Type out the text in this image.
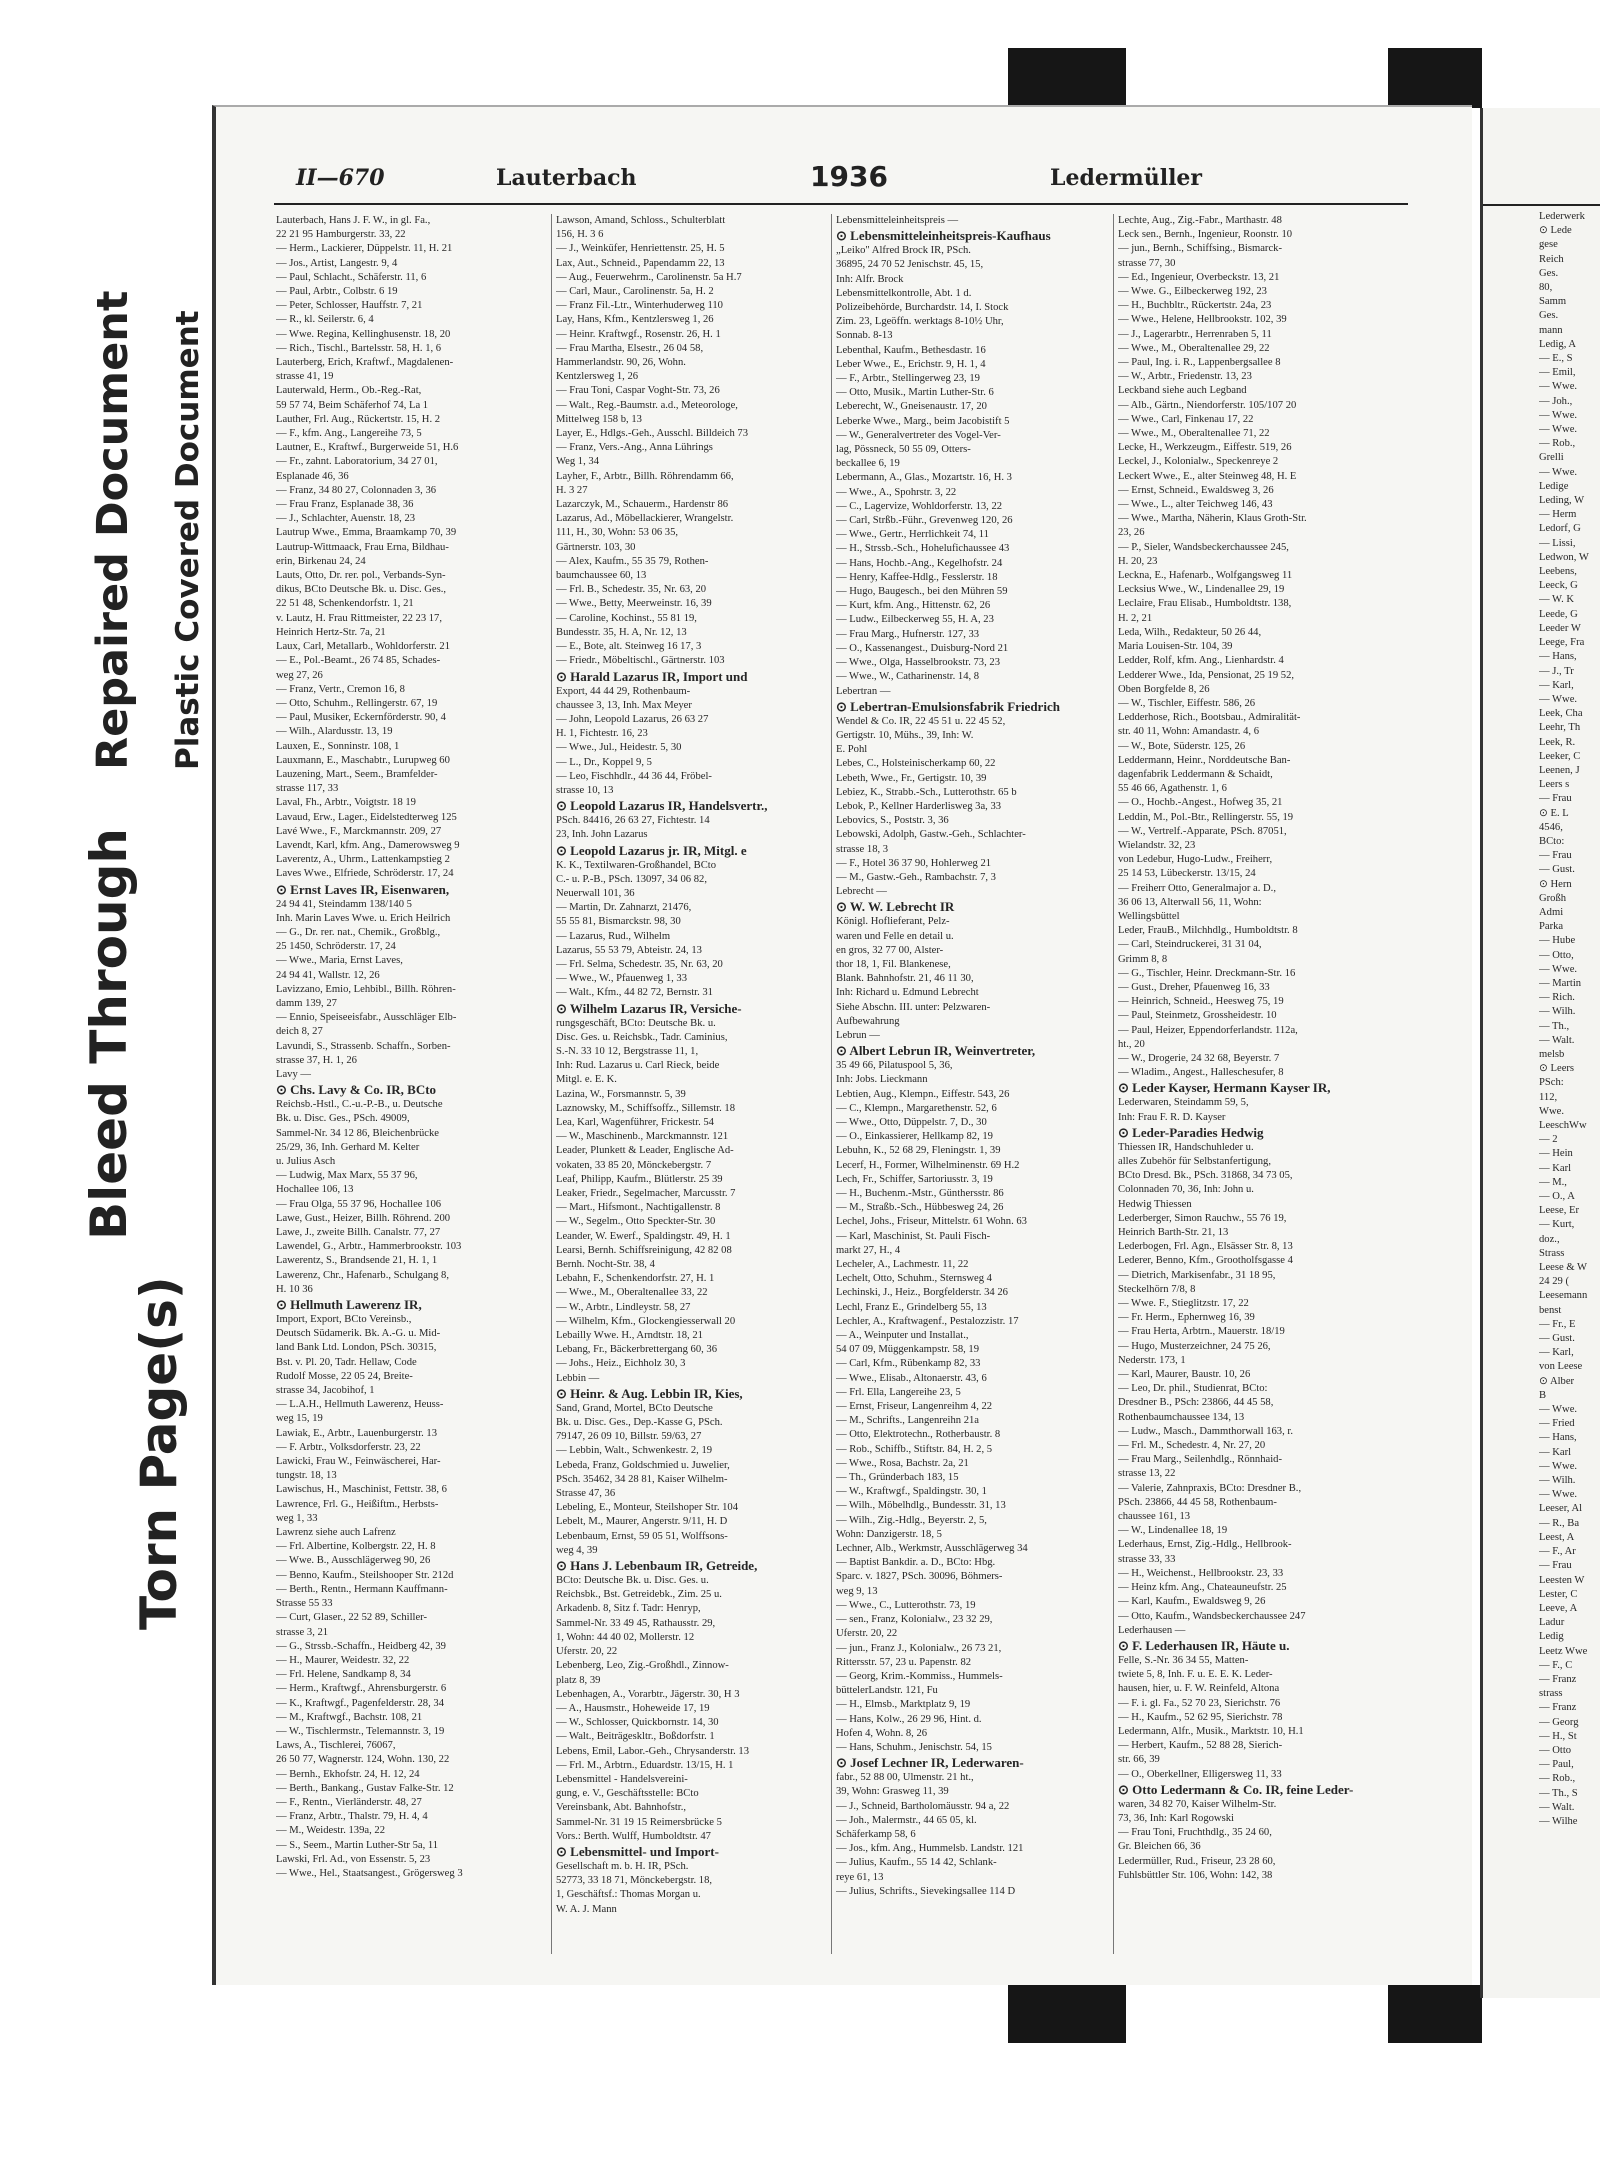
Repaired Document Plastic Covered Document
Bleed Through
Torn Page(s)
II—670	Lauterbach	1936	Ledermüller
Lauterbach, Hans J. F. W., in gl. Fa.,
22 21 95 Hamburgerstr. 33, 22
— Herm., Lackierer, Düppelstr. 11, H. 21
— Jos., Artist, Langestr. 9, 4
— Paul, Schlacht., Schäferstr. 11, 6
— Paul, Arbtr., Colbstr. 6 19
— Peter, Schlosser, Hauffstr. 7, 21
— R., kl. Seilerstr. 6, 4
— Wwe. Regina, Kellinghusenstr. 18, 20
— Rich., Tischl., Bartelsstr. 58, H. 1, 6
Lauterberg, Erich, Kraftwf., Magdalenen-
strasse 41, 19
Lauterwald, Herm., Ob.-Reg.-Rat,
59 57 74, Beim Schäferhof 74, La 1
Lauther, Frl. Aug., Rückertstr. 15, H. 2
— F., kfm. Ang., Langereihe 73, 5
Lautner, E., Kraftwf., Burgerweide 51, H.6
— Fr., zahnt. Laboratorium, 34 27 01,
Esplanade 46, 36
— Franz, 34 80 27, Colonnaden 3, 36
— Frau Franz, Esplanade 38, 36
— J., Schlachter, Auenstr. 18, 23
Lautrup Wwe., Emma, Braamkamp 70, 39
Lautrup-Wittmaack, Frau Erna, Bildhau-
erin, Birkenau 24, 24
Lauts, Otto, Dr. rer. pol., Verbands-Syn-
dikus, BCto Deutsche Bk. u. Disc. Ges.,
22 51 48, Schenkendorfstr. 1, 21
v. Lautz, H. Frau Rittmeister, 22 23 17,
Heinrich Hertz-Str. 7a, 21
Laux, Carl, Metallarb., Wohldorferstr. 21
— E., Pol.-Beamt., 26 74 85, Schades-
weg 27, 26
— Franz, Vertr., Cremon 16, 8
— Otto, Schuhm., Rellingerstr. 67, 19
— Paul, Musiker, Eckernförderstr. 90, 4
— Wilh., Alardusstr. 13, 19
Lauxen, E., Sonninstr. 108, 1
Lauxmann, E., Maschabtr., Lurupweg 60
Lauzening, Mart., Seem., Bramfelder-
strasse 117, 33
Laval, Fh., Arbtr., Voigtstr. 18 19
Lavaud, Erw., Lager., Eidelstedterweg 125
Lavé Wwe., F., Marckmannstr. 209, 27
Lavendt, Karl, kfm. Ang., Damerowsweg 9
Laverentz, A., Uhrm., Lattenkampstieg 2
Laves Wwe., Elfriede, Schröderstr. 17, 24
⊙ Ernst Laves IR, Eisenwaren,
24 94 41, Steindamm 138/140 5
Inh. Marin Laves Wwe. u. Erich Heilrich
— G., Dr. rer. nat., Chemik., Großblg.,
25 1450, Schröderstr. 17, 24
— Wwe., Maria, Ernst Laves,
24 94 41, Wallstr. 12, 26
Lavizzano, Emio, Lehbibl., Billh. Röhren-
damm 139, 27
— Ennio, Speiseeisfabr., Ausschläger Elb-
deich 8, 27
Lavundi, S., Strassenb. Schaffn., Sorben-
strasse 37, H. 1, 26
Lavy —
⊙ Chs. Lavy & Co. IR, BCto
Reichsb.-Hstl., C.-u.-P.-B., u. Deutsche
Bk. u. Disc. Ges., PSch. 49009,
Sammel-Nr. 34 12 86, Bleichenbrücke
25/29, 36, Inh. Gerhard M. Kelter
u. Julius Asch
— Ludwig, Max Marx, 55 37 96,
Hochallee 106, 13
— Frau Olga, 55 37 96, Hochallee 106
Lawe, Gust., Heizer, Billh. Röhrend. 200
Lawe, J., zweite Billh. Canalstr. 77, 27
Lawendel, G., Arbtr., Hammerbrookstr. 103
Lawerentz, S., Brandsende 21, H. 1, 1
Lawerenz, Chr., Hafenarb., Schulgang 8,
H. 10 36
⊙ Hellmuth Lawerenz IR,
Import, Export, BCto Vereinsb.,
Deutsch Südamerik. Bk. A.-G. u. Mid-
land Bank Ltd. London, PSch. 30315,
Bst. v. Pl. 20, Tadr. Hellaw, Code
Rudolf Mosse, 22 05 24, Breite-
strasse 34, Jacobihof, 1
— L.A.H., Hellmuth Lawerenz, Heuss-
weg 15, 19
Lawiak, E., Arbtr., Lauenburgerstr. 13
— F. Arbtr., Volksdorferstr. 23, 22
Lawicki, Frau W., Feinwäscherei, Har-
tungstr. 18, 13
Lawischus, H., Maschinist, Fettstr. 38, 6
Lawrence, Frl. G., Heißiftm., Herbsts-
weg 1, 33
Lawrenz siehe auch Lafrenz
— Frl. Albertine, Kolbergstr. 22, H. 8
— Wwe. B., Ausschlägerweg 90, 26
— Benno, Kaufm., Steilshooper Str. 212d
— Berth., Rentn., Hermann Kauffmann-
Strasse 55 33
— Curt, Glaser., 22 52 89, Schiller-
strasse 3, 21
— G., Strssb.-Schaffn., Heidberg 42, 39
— H., Maurer, Weidestr. 32, 22
— Frl. Helene, Sandkamp 8, 34
— Herm., Kraftwgf., Ahrensburgerstr. 6
— K., Kraftwgf., Pagenfelderstr. 28, 34
— M., Kraftwgf., Bachstr. 108, 21
— W., Tischlermstr., Telemannstr. 3, 19
Laws, A., Tischlerei, 76067,
26 50 77, Wagnerstr. 124, Wohn. 130, 22
— Bernh., Ekhofstr. 24, H. 12, 24
— Berth., Bankang., Gustav Falke-Str. 12
— F., Rentn., Vierländerstr. 48, 27
— Franz, Arbtr., Thalstr. 79, H. 4, 4
— M., Weidestr. 139a, 22
— S., Seem., Martin Luther-Str 5a, 11
Lawski, Frl. Ad., von Essenstr. 5, 23
— Wwe., Hel., Staatsangest., Grögersweg 3
Lawson, Amand, Schloss., Schulterblatt
156, H. 3 6
— J., Weinküfer, Henriettenstr. 25, H. 5
Lax, Aut., Schneid., Papendamm 22, 13
— Aug., Feuerwehrm., Carolinenstr. 5a H.7
— Carl, Maur., Carolinenstr. 5a, H. 2
— Franz Fil.-Ltr., Winterhuderweg 110
Lay, Hans, Kfm., Kentzlersweg 1, 26
— Heinr. Kraftwgf., Rosenstr. 26, H. 1
— Frau Martha, Elsestr., 26 04 58,
Hammerlandstr. 90, 26, Wohn.
Kentzlersweg 1, 26
— Frau Toni, Caspar Voght-Str. 73, 26
— Walt., Reg.-Baumstr. a.d., Meteorologe,
Mittelweg 158 b, 13
Layer, E., Hdlgs.-Geh., Ausschl. Billdeich 73
— Franz, Vers.-Ang., Anna Lührings
Weg 1, 34
Layher, F., Arbtr., Billh. Röhrendamm 66,
H. 3 27
Lazarczyk, M., Schauerm., Hardenstr 86
Lazarus, Ad., Möbellackierer, Wrangelstr.
111, H., 30, Wohn: 53 06 35,
Gärtnerstr. 103, 30
— Alex, Kaufm., 55 35 79, Rothen-
baumchaussee 60, 13
— Frl. B., Schedestr. 35, Nr. 63, 20
— Wwe., Betty, Meerweinstr. 16, 39
— Caroline, Kochinst., 55 81 19,
Bundesstr. 35, H. A, Nr. 12, 13
— E., Bote, alt. Steinweg 16 17, 3
— Friedr., Möbeltischl., Gärtnerstr. 103
⊙ Harald Lazarus IR, Import und
Export, 44 44 29, Rothenbaum-
chaussee 3, 13, Inh. Max Meyer
— John, Leopold Lazarus, 26 63 27
H. 1, Fichtestr. 16, 23
— Wwe., Jul., Heidestr. 5, 30
— L., Dr., Koppel 9, 5
— Leo, Fischhdlr., 44 36 44, Fröbel-
strasse 10, 13
⊙ Leopold Lazarus IR, Handelsvertr.,
PSch. 84416, 26 63 27, Fichtestr. 14
23, Inh. John Lazarus
⊙ Leopold Lazarus jr. IR, Mitgl. e
K. K., Textilwaren-Großhandel, BCto
C.- u. P.-B., PSch. 13097, 34 06 82,
Neuerwall 101, 36
— Martin, Dr. Zahnarzt, 21476,
55 55 81, Bismarckstr. 98, 30
— Lazarus, Rud., Wilhelm
Lazarus, 55 53 79, Abteistr. 24, 13
— Frl. Selma, Schedestr. 35, Nr. 63, 20
— Wwe., W., Pfauenweg 1, 33
— Walt., Kfm., 44 82 72, Bernstr. 31
⊙ Wilhelm Lazarus IR, Versiche-
rungsgeschäft, BCto: Deutsche Bk. u.
Disc. Ges. u. Reichsbk., Tadr. Caminius,
S.-N. 33 10 12, Bergstrasse 11, 1,
Inh: Rud. Lazarus u. Carl Rieck, beide
Mitgl. e. E. K.
Lazina, W., Forsmannstr. 5, 39
Laznowsky, M., Schiffsoffz., Sillemstr. 18
Lea, Karl, Wagenführer, Frickestr. 54
— W., Maschinenb., Marckmannstr. 121
Leader, Plunkett & Leader, Englische Ad-
vokaten, 33 85 20, Mönckebergstr. 7
Leaf, Philipp, Kaufm., Blütlerstr. 25 39
Leaker, Friedr., Segelmacher, Marcusstr. 7
— Mart., Hifsmont., Nachtigallenstr. 8
— W., Segelm., Otto Speckter-Str. 30
Leander, W. Ewerf., Spaldingstr. 49, H. 1
Learsi, Bernh. Schiffsreinigung, 42 82 08
Bernh. Nocht-Str. 38, 4
Lebahn, F., Schenkendorfstr. 27, H. 1
— Wwe., M., Oberaltenallee 33, 22
— W., Arbtr., Lindleystr. 58, 27
— Wilhelm, Kfm., Glockengiesserwall 20
Lebailly Wwe. H., Arndtstr. 18, 21
Lebang, Fr., Bäckerbrettergang 60, 36
— Johs., Heiz., Eichholz 30, 3
Lebbin —
⊙ Heinr. & Aug. Lebbin IR, Kies,
Sand, Grand, Mortel, BCto Deutsche
Bk. u. Disc. Ges., Dep.-Kasse G, PSch.
79147, 26 09 10, Billstr. 59/63, 27
— Lebbin, Walt., Schwenkestr. 2, 19
Lebeda, Franz, Goldschmied u. Juwelier,
PSch. 35462, 34 28 81, Kaiser Wilhelm-
Strasse 47, 36
Lebeling, E., Monteur, Steilshoper Str. 104
Lebelt, M., Maurer, Angerstr. 9/11, H. D
Lebenbaum, Ernst, 59 05 51, Wolffsons-
weg 4, 39
⊙ Hans J. Lebenbaum IR, Getreide,
BCto: Deutsche Bk. u. Disc. Ges. u.
Reichsbk., Bst. Getreidebk., Zim. 25 u.
Arkadenb. 8, Sitz f. Tadr: Henryp,
Sammel-Nr. 33 49 45, Rathausstr. 29,
1, Wohn: 44 40 02, Mollerstr. 12
Uferstr. 20, 22
Lebenberg, Leo, Zig.-Großhdl., Zinnow-
platz 8, 39
Lebenhagen, A., Vorarbtr., Jägerstr. 30, H 3
— A., Hausmstr., Hoheweide 17, 19
— W., Schlosser, Quickbornstr. 14, 30
— Walt., Beiträgeskltr., Boßdorfstr. 1
Lebens, Emil, Labor.-Geh., Chrysanderstr. 13
— Frl. M., Arbtrn., Eduardstr. 13/15, H. 1
Lebensmittel - Handelsvereini-
gung, e. V., Geschäftsstelle: BCto
Vereinsbank, Abt. Bahnhofstr.,
Sammel-Nr. 31 19 15 Reimersbrücke 5
Vors.: Berth. Wulff, Humboldtstr. 47
⊙ Lebensmittel- und Import-
Gesellschaft m. b. H. IR, PSch.
52773, 33 18 71, Mönckebergstr. 18,
1, Geschäftsf.: Thomas Morgan u.
W. A. J. Mann
Lebensmitteleinheitspreis —
⊙ Lebensmitteleinheitspreis-Kaufhaus
„Leiko" Alfred Brock IR, PSch.
36895, 24 70 52 Jenischstr. 45, 15,
Inh: Alfr. Brock
Lebensmittelkontrolle, Abt. 1 d.
Polizeibehörde, Burchardstr. 14, I. Stock
Zim. 23, Lgeöffn. werktags 8-10½ Uhr,
Sonnab. 8-13
Lebenthal, Kaufm., Bethesdastr. 16
Leber Wwe., E., Erichstr. 9, H. 1, 4
— F., Arbtr., Stellingerweg 23, 19
— Otto, Musik., Martin Luther-Str. 6
Leberecht, W., Gneisenaustr. 17, 20
Leberke Wwe., Marg., beim Jacobistift 5
— W., Generalvertreter des Vogel-Ver-
lag, Pössneck, 50 55 09, Otters-
beckallee 6, 19
Lebermann, A., Glas., Mozartstr. 16, H. 3
— Wwe., A., Spohrstr. 3, 22
— C., Lagervize, Wohldorferstr. 13, 22
— Carl, Strßb.-Führ., Grevenweg 120, 26
— Wwe., Gertr., Herrlichkeit 74, 11
— H., Strssb.-Sch., Hohelufichaussee 43
— Hans, Hochb.-Ang., Kegelhofstr. 24
— Henry, Kaffee-Hdlg., Fesslerstr. 18
— Hugo, Baugesch., bei den Mühren 59
— Kurt, kfm. Ang., Hittenstr. 62, 26
— Ludw., Eilbeckerweg 55, H. A, 23
— Frau Marg., Hufnerstr. 127, 33
— O., Kassenangest., Duisburg-Nord 21
— Wwe., Olga, Hasselbrookstr. 73, 23
— Wwe., W., Catharinenstr. 14, 8
Lebertran —
⊙ Lebertran-Emulsionsfabrik Friedrich
Wendel & Co. IR, 22 45 51 u. 22 45 52,
Gertigstr. 10, Mühs., 39, Inh: W.
E. Pohl
Lebes, C., Holsteinischerkamp 60, 22
Lebeth, Wwe., Fr., Gertigstr. 10, 39
Lebiez, K., Strabb.-Sch., Lutterothstr. 65 b
Lebok, P., Kellner Harderlisweg 3a, 33
Lebovics, S., Poststr. 3, 36
Lebowski, Adolph, Gastw.-Geh., Schlachter-
strasse 18, 3
— F., Hotel 36 37 90, Hohlerweg 21
— M., Gastw.-Geh., Rambachstr. 7, 3
Lebrecht —
⊙ W. W. Lebrecht IR
Königl. Hoflieferant, Pelz-
waren und Felle en detail u.
en gros, 32 77 00, Alster-
thor 18, 1, Fil. Blankenese,
Blank. Bahnhofstr. 21, 46 11 30,
Inh: Richard u. Edmund Lebrecht
Siehe Abschn. III. unter: Pelzwaren-
Aufbewahrung
Lebrun —
⊙ Albert Lebrun IR, Weinvertreter,
35 49 66, Pilatuspool 5, 36,
Inh: Jobs. Lieckmann
Lebtien, Aug., Klempn., Eiffestr. 543, 26
— C., Klempn., Margarethenstr. 52, 6
— Wwe., Otto, Düppelstr. 7, D., 30
— O., Einkassierer, Hellkamp 82, 19
Lebuhn, K., 52 68 29, Fleningstr. 1, 39
Lecerf, H., Former, Wilhelminenstr. 69 H.2
Lech, Fr., Schiffer, Sartoriusstr. 3, 19
— H., Buchenm.-Mstr., Günthersstr. 86
— M., Straßb.-Sch., Hübbesweg 24, 26
Lechel, Johs., Friseur, Mittelstr. 61 Wohn. 63
— Karl, Maschinist, St. Pauli Fisch-
markt 27, H., 4
Lecheler, A., Lachmestr. 11, 22
Lechelt, Otto, Schuhm., Sternsweg 4
Lechinski, J., Heiz., Borgfelderstr. 34 26
Lechl, Franz E., Grindelberg 55, 13
Lechler, A., Kraftwagenf., Pestalozzistr. 17
— A., Weinputer und Installat.,
54 07 09, Müggenkampstr. 58, 19
— Carl, Kfm., Rübenkamp 82, 33
— Wwe., Elisab., Altonaerstr. 43, 6
— Frl. Ella, Langereihe 23, 5
— Ernst, Friseur, Langenreihm 4, 22
— M., Schrifts., Langenreihn 21a
— Otto, Elektrotechn., Rotherbaustr. 8
— Rob., Schiffb., Stiftstr. 84, H. 2, 5
— Wwe., Rosa, Bachstr. 2a, 21
— Th., Gründerbach 183, 15
— W., Kraftwgf., Spaldingstr. 30, 1
— Wilh., Möbelhdlg., Bundesstr. 31, 13
— Wilh., Zig.-Hdlg., Beyerstr. 2, 5,
Wohn: Danzigerstr. 18, 5
Lechner, Alb., Werkmstr, Ausschlägerweg 34
— Baptist Bankdir. a. D., BCto: Hbg.
Sparc. v. 1827, PSch. 30096, Böhmers-
weg 9, 13
— Wwe., C., Lutterothstr. 73, 19
— sen., Franz, Kolonialw., 23 32 29,
Uferstr. 20, 22
— jun., Franz J., Kolonialw., 26 73 21,
Rittersstr. 57, 23 u. Papenstr. 82
— Georg, Krim.-Kommiss., Hummels-
büttelerLandstr. 121, Fu
— H., Elmsb., Marktplatz 9, 19
— Hans, Kolw., 26 29 96, Hint. d.
Hofen 4, Wohn. 8, 26
— Hans, Schuhm., Jenischstr. 54, 15
⊙ Josef Lechner IR, Lederwaren-
fabr., 52 88 00, Ulmenstr. 21 ht.,
39, Wohn: Grasweg 11, 39
— J., Schneid, Bartholomäusstr. 94 a, 22
— Joh., Malermstr., 44 65 05, kl.
Schäferkamp 58, 6
— Jos., kfm. Ang., Hummelsb. Landstr. 121
— Julius, Kaufm., 55 14 42, Schlank-
reye 61, 13
— Julius, Schrifts., Sievekingsallee 114 D
Lechte, Aug., Zig.-Fabr., Marthastr. 48
Leck sen., Bernh., Ingenieur, Roonstr. 10
— jun., Bernh., Schiffsing., Bismarck-
strasse 77, 30
— Ed., Ingenieur, Overbeckstr. 13, 21
— Wwe. G., Eilbeckerweg 192, 23
— H., Buchbltr., Rückertstr. 24a, 23
— Wwe., Helene, Hellbrookstr. 102, 39
— J., Lagerarbtr., Herrenraben 5, 11
— Wwe., M., Oberaltenallee 29, 22
— Paul, Ing. i. R., Lappenbergsallee 8
— W., Arbtr., Friedenstr. 13, 23
Leckband siehe auch Legband
— Alb., Gärtn., Niendorferstr. 105/107 20
— Wwe., Carl, Finkenau 17, 22
— Wwe., M., Oberaltenallee 71, 22
Lecke, H., Werkzeugm., Eiffestr. 519, 26
Leckel, J., Kolonialw., Speckenreye 2
Leckert Wwe., E., alter Steinweg 48, H. E
— Ernst, Schneid., Ewaldsweg 3, 26
— Wwe., L., alter Teichweg 146, 43
— Wwe., Martha, Näherin, Klaus Groth-Str.
23, 26
— P., Sieler, Wandsbeckerchaussee 245,
H. 20, 23
Leckna, E., Hafenarb., Wolfgangsweg 11
Lecksius Wwe., W., Lindenallee 29, 19
Leclaire, Frau Elisab., Humboldtstr. 138,
H. 2, 21
Leda, Wilh., Redakteur, 50 26 44,
Maria Louisen-Str. 104, 39
Ledder, Rolf, kfm. Ang., Lienhardstr. 4
Ledderer Wwe., Ida, Pensionat, 25 19 52,
Oben Borgfelde 8, 26
— W., Tischler, Eiffestr. 586, 26
Ledderhose, Rich., Bootsbau., Admiralität-
str. 40 11, Wohn: Amandastr. 4, 6
— W., Bote, Süderstr. 125, 26
Leddermann, Heinr., Norddeutsche Ban-
dagenfabrik Leddermann & Schaidt,
55 46 66, Agathenstr. 1, 6
— O., Hochb.-Angest., Hofweg 35, 21
Leddin, M., Pol.-Btr., Rellingerstr. 55, 19
— W., Vertrelf.-Apparate, PSch. 87051,
Wielandstr. 32, 23
von Ledebur, Hugo-Ludw., Freiherr,
25 14 53, Lübeckerstr. 13/15, 24
— Freiherr Otto, Generalmajor a. D.,
36 06 13, Alterwall 56, 11, Wohn:
Wellingsbüttel
Leder, FrauB., Milchhdlg., Humboldtstr. 8
— Carl, Steindruckerei, 31 31 04,
Grimm 8, 8
— G., Tischler, Heinr. Dreckmann-Str. 16
— Gust., Dreher, Pfauenweg 16, 33
— Heinrich, Schneid., Heesweg 75, 19
— Paul, Steinmetz, Grossheidestr. 10
— Paul, Heizer, Eppendorferlandstr. 112a,
ht., 20
— W., Drogerie, 24 32 68, Beyerstr. 7
— Wladim., Angest., Halleschesufer, 8
⊙ Leder Kayser, Hermann Kayser IR,
Lederwaren, Steindamm 59, 5,
Inh: Frau F. R. D. Kayser
⊙ Leder-Paradies Hedwig
Thiessen IR, Handschuhleder u.
alles Zubehör für Selbstanfertigung,
BCto Dresd. Bk., PSch. 31868, 34 73 05,
Colonnaden 70, 36, Inh: John u.
Hedwig Thiessen
Lederberger, Simon Rauchw., 55 76 19,
Heinrich Barth-Str. 21, 13
Lederbogen, Frl. Agn., Elsässer Str. 8, 13
Lederer, Benno, Kfm., Grootholfsgasse 4
— Dietrich, Markisenfabr., 31 18 95,
Steckelhörn 7/8, 8
— Wwe. F., Stieglitzstr. 17, 22
— Fr. Herm., Ephernweg 16, 39
— Frau Herta, Arbtrn., Mauerstr. 18/19
— Hugo, Musterzeichner, 24 75 26,
Nederstr. 173, 1
— Karl, Maurer, Baustr. 10, 26
— Leo, Dr. phil., Studienrat, BCto:
Dresdner B., PSch: 23866, 44 45 58,
Rothenbaumchaussee 134, 13
— Ludw., Masch., Dammthorwall 163, r.
— Frl. M., Schedestr. 4, Nr. 27, 20
— Frau Marg., Seilenhdlg., Rönnhaid-
strasse 13, 22
— Valerie, Zahnpraxis, BCto: Dresdner B.,
PSch. 23866, 44 45 58, Rothenbaum-
chaussee 161, 13
— W., Lindenallee 18, 19
Lederhaus, Ernst, Zig.-Hdlg., Hellbrook-
strasse 33, 33
— H., Weichenst., Hellbrookstr. 23, 33
— Heinz kfm. Ang., Chateauneufstr. 25
— Karl, Kaufm., Ewaldsweg 9, 26
— Otto, Kaufm., Wandsbeckerchaussee 247
Lederhausen —
⊙ F. Lederhausen IR, Häute u.
Felle, S.-Nr. 36 34 55, Matten-
twiete 5, 8, Inh. F. u. E. E. K. Leder-
hausen, hier, u. F. W. Reinfeld, Altona
— F. i. gl. Fa., 52 70 23, Sierichstr. 76
— H., Kaufm., 52 62 95, Sierichstr. 78
Ledermann, Alfr., Musik., Marktstr. 10, H.1
— Herbert, Kaufm., 52 88 28, Sierich-
str. 66, 39
— O., Oberkellner, Elligersweg 11, 33
⊙ Otto Ledermann & Co. IR, feine Leder-
waren, 34 82 70, Kaiser Wilhelm-Str.
73, 36, Inh: Karl Rogowski
— Frau Toni, Fruchthdlg., 35 24 60,
Gr. Bleichen 66, 36
Ledermüller, Rud., Friseur, 23 28 60,
Fuhlsbüttler Str. 106, Wohn: 142, 38
Lederwerk
⊙ Lede
gese
Reich
Ges.
80,
Samm
Ges.
mann
Ledig, A
— E., S
— Emil,
— Wwe.
— Joh.,
— Wwe.
— Wwe.
— Rob.,
Grelli
— Wwe.
Ledige
Leding, W
— Herm
Ledorf, G
— Lissi,
Ledwon, W
Leebens,
Leeck, G
— W. K
Leede, G
Leeder W
Leege, Fra
— Hans,
— J., Tr
— Karl,
— Wwe.
Leek, Cha
Leehr, Th
Leek, R.
Leeker, C
Leenen, J
Leers s
— Frau
⊙ E. L
4546,
BCto:
— Frau
— Gust.
⊙ Hern
Großh
Admi
Parka
— Hube
— Otto,
— Wwe.
— Martin
— Rich.
— Wilh.
— Th.,
— Walt.
melsb
⊙ Leers
PSch:
112,
Wwe.
LeeschWw
— 2
— Hein
— Karl
— M.,
— O., A
Leese, Er
— Kurt,
doz.,
Strass
Leese & W
24 29 (
Leesemann
benst
— Fr., E
— Gust.
— Karl,
von Leese
⊙ Alber
B
— Wwe.
— Fried
— Hans,
— Karl
— Wwe.
— Wilh.
— Wwe.
Leeser, Al
— R., Ba
Leest, A
— F., Ar
— Frau
Leesten W
Lester, C
Leeve, A
Ladur
Ledig
Leetz Wwe
— F., C
— Franz
strass
— Franz
— Georg
— H., St
— Otto
— Paul,
— Rob.,
— Th., S
— Walt.
— Wilhe
